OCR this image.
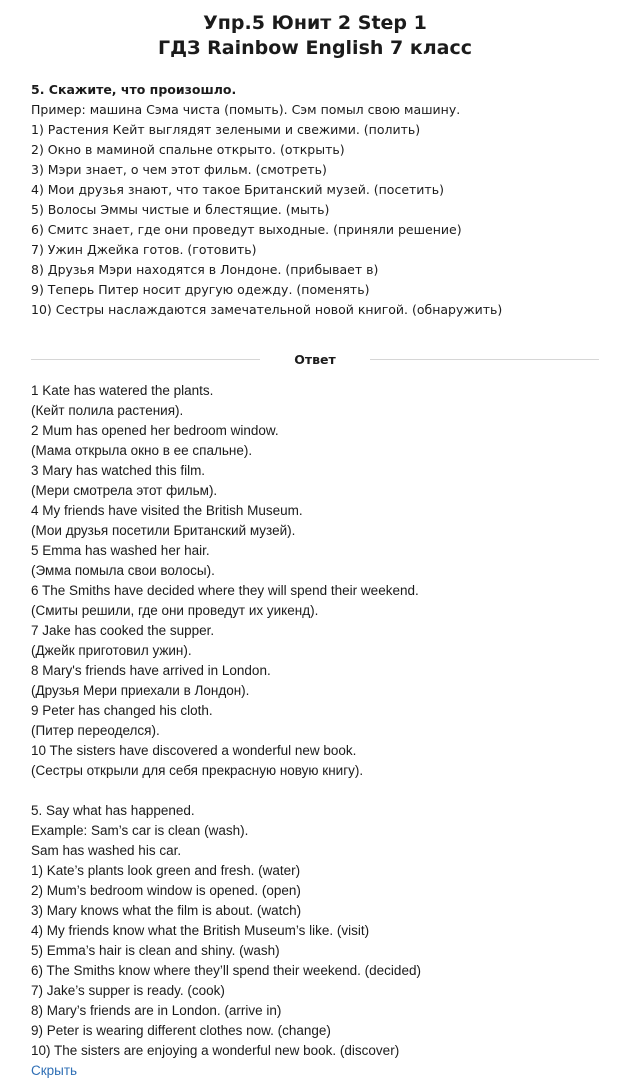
Упр.5 Юнит 2 Step 1
ГДЗ Rainbow English 7 класс
5. Скажите, что произошло.
Пример: машина Сэма чиста (помыть). Сэм помыл свою машину.
1) Растения Кейт выглядят зелеными и свежими. (полить)
2) Окно в маминой спальне открыто. (открыть)
3) Мэри знает, о чем этот фильм. (смотреть)
4) Мои друзья знают, что такое Британский музей. (посетить)
5) Волосы Эммы чистые и блестящие. (мыть)
6) Смитс знает, где они проведут выходные. (приняли решение)
7) Ужин Джейка готов. (готовить)
8) Друзья Мэри находятся в Лондоне. (прибывает в)
9) Теперь Питер носит другую одежду. (поменять)
10) Сестры наслаждаются замечательной новой книгой. (обнаружить)
Ответ
1 Kate has watered the plants.
(Кейт полила растения).
2 Mum has opened her bedroom window.
(Мама открыла окно в ее спальне).
3 Mary has watched this film.
(Мери смотрела этот фильм).
4 My friends have visited the British Museum.
(Мои друзья посетили Британский музей).
5 Emma has washed her hair.
(Эмма помыла свои волосы).
6 The Smiths have decided where they will spend their weekend.
(Смиты решили, где они проведут их уикенд).
7 Jake has cooked the supper.
(Джейк приготовил ужин).
8 Mary's friends have arrived in London.
(Друзья Мери приехали в Лондон).
9 Peter has changed his cloth.
(Питер переоделся).
10 The sisters have discovered a wonderful new book.
(Сестры открыли для себя прекрасную новую книгу).
5. Say what has happened.
Example: Sam’s car is clean (wash).
Sam has washed his car.
1) Kate’s plants look green and fresh. (water)
2) Mum’s bedroom window is opened. (open)
3) Mary knows what the film is about. (watch)
4) My friends know what the British Museum’s like. (visit)
5) Emma’s hair is clean and shiny. (wash)
6) The Smiths know where they’ll spend their weekend. (decided)
7) Jake’s supper is ready. (cook)
8) Mary’s friends are in London. (arrive in)
9) Peter is wearing different clothes now. (change)
10) The sisters are enjoying a wonderful new book. (discover)
Скрыть
